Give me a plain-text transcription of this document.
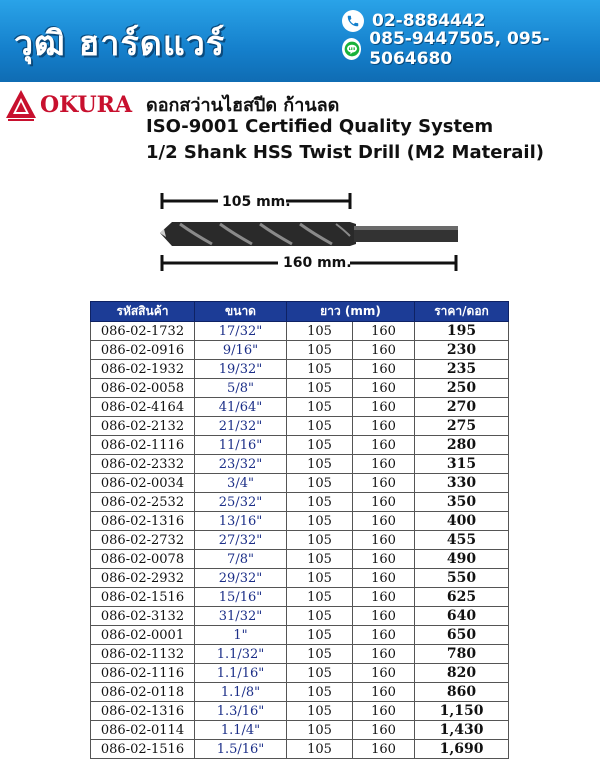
วุฒิ ฮาร์ดแวร์
02-8884442
085-9447505, 095-5064680
OKURA ดอกสว่านไฮสปีด ก้านลด
ISO-9001 Certified Quality System
1/2 Shank HSS Twist Drill (M2 Materail)
105 mm.
160 mm.
รหัสสินค้า	ขนาด	ยาว (mm)		ราคา/ดอก
086-02-1732	17/32"	105	160	195
086-02-0916	9/16"	105	160	230
086-02-1932	19/32"	105	160	235
086-02-0058	5/8"	105	160	250
086-02-4164	41/64"	105	160	270
086-02-2132	21/32"	105	160	275
086-02-1116	11/16"	105	160	280
086-02-2332	23/32"	105	160	315
086-02-0034	3/4"	105	160	330
086-02-2532	25/32"	105	160	350
086-02-1316	13/16"	105	160	400
086-02-2732	27/32"	105	160	455
086-02-0078	7/8"	105	160	490
086-02-2932	29/32"	105	160	550
086-02-1516	15/16"	105	160	625
086-02-3132	31/32"	105	160	640
086-02-0001	1"	105	160	650
086-02-1132	1.1/32"	105	160	780
086-02-1116	1.1/16"	105	160	820
086-02-0118	1.1/8"	105	160	860
086-02-1316	1.3/16"	105	160	1,150
086-02-0114	1.1/4"	105	160	1,430
086-02-1516	1.5/16"	105	160	1,690
